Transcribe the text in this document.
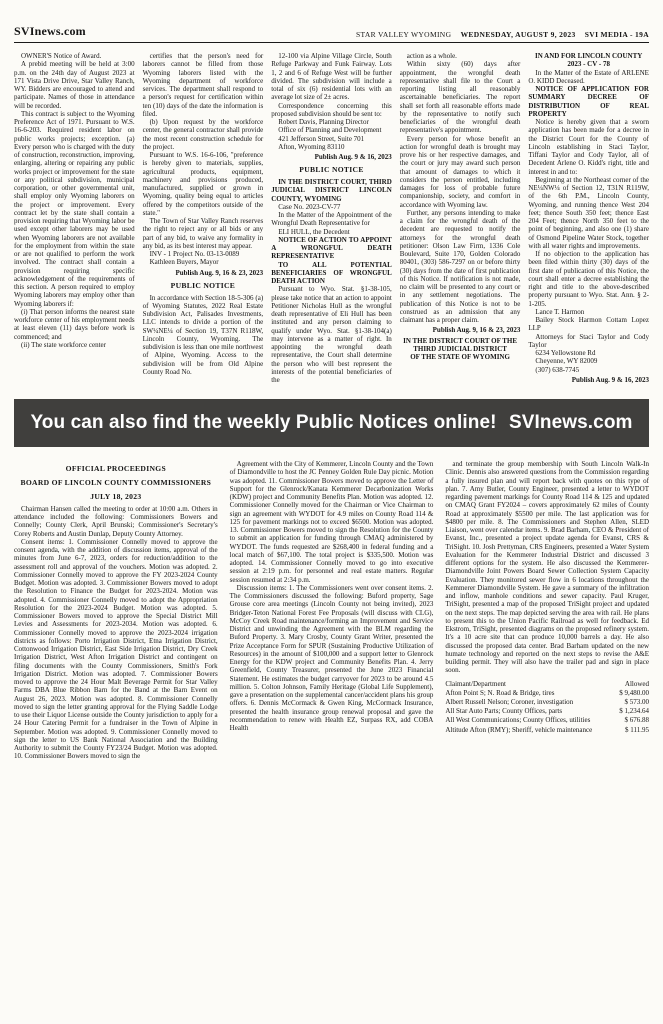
SVInews.com	STAR VALLEY WYOMING WEDNESDAY, AUGUST 9, 2023 SVI MEDIA - 19A

OWNER'S Notice of Award.

A prebid meeting will be held at 3:00 p.m. on the 24th day of August 2023 at 171 Vista Drive Drive, Star Valley Ranch, WY. Bidders are encouraged to attend and participate. Names of those in attendance will be recorded.

This contract is subject to the Wyoming Preference Act of 1971. Pursuant to W.S. 16-6-203. Required resident labor on public works projects; exception. (a) Every person who is charged with the duty of construction, reconstruction, improving, enlarging, altering or repairing any public works project or improvement for the state or any political subdivision, municipal corporation, or other governmental unit, shall employ only Wyoming laborers on the project or improvement. Every contract let by the state shall contain a provision requiring that Wyoming labor be used except other laborers may be used when Wyoming laborers are not available for the employment from within the state or are not qualified to perform the work involved. The contract shall contain a provision requiring specific acknowledgement of the requirements of this section. A person required to employ Wyoming laborers may employ other than Wyoming laborers if:

(i) That person informs the nearest state workforce center of his employment needs at least eleven (11) days before work is commenced; and

(ii) The state workforce center

certifies that the person's need for laborers cannot be filled from those Wyoming laborers listed with the Wyoming department of workforce services. The department shall respond to a person's request for certification within ten (10) days of the date the information is filed.

(b) Upon request by the workforce center, the general contractor shall provide the most recent construction schedule for the project.

Pursuant to W.S. 16-6-106, "preference is hereby given to materials, supplies, agricultural products, equipment, machinery and provisions produced, manufactured, supplied or grown in Wyoming, quality being equal to articles offered by the competitors outside of the state."

The Town of Star Valley Ranch reserves the right to reject any or all bids or any part of any bid, to waive any formality in any bid, as its best interest may appear.

INV - 1 Project No. 03-13-0089

Kathleen Buyers, Mayor

Publish Aug. 9, 16 & 23, 2023

PUBLIC NOTICE

In accordance with Section 18-5-306 (a) of Wyoming Statutes, 2022 Real Estate Subdivision Act, Palisades Investments, LLC intends to divide a portion of the SW¼NE¼ of Section 19, T37N R118W, Lincoln County, Wyoming. The subdivision is less than one mile northwest of Alpine, Wyoming. Access to the subdivision will be from Old Alpine County Road No.

12-100 via Alpine Village Circle, South Refuge Parkway and Funk Fairway. Lots 1, 2 and 6 of Refuge West will be further divided. The subdivision will include a total of six (6) residential lots with an average lot size of 2± acres.

Correspondence concerning this proposed subdivision should be sent to:

Robert Davis, Planning Director

Office of Planning and Development

421 Jefferson Street, Suite 701

Afton, Wyoming 83110

Publish Aug. 9 & 16, 2023

PUBLIC NOTICE

IN THE DISTRICT COURT, THIRD JUDICIAL DISTRICT LINCOLN COUNTY, WYOMING

Case No. 2023-CV-77

In the Matter of the Appointment of the Wrongful Death Representative for

ELI HULL, the Decedent

NOTICE OF ACTION TO APPOINT A WRONGFUL DEATH REPRESENTATIVE

TO ALL POTENTIAL BENEFICIARIES OF WRONGFUL DEATH ACTION

Pursuant to Wyo. Stat. §1-38-105, please take notice that an action to appoint Petitioner Nicholas Hull as the wrongful death representative of Eli Hull has been instituted and any person claiming to qualify under Wyo. Stat. §1-38-104(a) may intervene as a matter of right. In appointing the wrongful death representative, the Court shall determine the person who will best represent the interests of the potential beneficiaries of the

action as a whole.

Within sixty (60) days after appointment, the wrongful death representative shall file to the Court a reporting listing all reasonably ascertainable beneficiaries. The report shall set forth all reasonable efforts made by the representative to notify such beneficiaries of the wrongful death representative's appointment.

Every person for whose benefit an action for wrongful death is brought may prove his or her respective damages, and the court or jury may award such person that amount of damages to which it considers the person entitled, including damages for loss of probable future companionship, society, and comfort in accordance with Wyoming law.

Further, any persons intending to make a claim for the wrongful death of the decedent are requested to notify the attorneys for the wrongful death petitioner: Olson Law Firm, 1336 Cole Boulevard, Suite 170, Golden Colorado 80401, (303) 586-7297 on or before thirty (30) days from the date of first publication of this Notice. If notification is not made, no claim will be presented to any court or in any settlement negotiations. The publication of this Notice is not to be construed as an admission that any claimant has a proper claim.

Publish Aug. 9, 16 & 23, 2023

IN THE DISTRICT COURT OF THE THIRD JUDICIAL DISTRICT

OF THE STATE OF WYOMING

IN AND FOR LINCOLN COUNTY

2023 - CV - 78

In the Matter of the Estate of ARLENE O. KIDD Deceased.

NOTICE OF APPLICATION FOR SUMMARY DECREE OF DISTRIBUTION OF REAL PROPERTY

Notice is hereby given that a sworn application has been made for a decree in the District Court for the County of Lincoln establishing in Staci Taylor, Tiffani Taylor and Cody Taylor, all of Decedent Arlene O. Kidd's right, title and interest in and to:

Beginning at the Northeast corner of the NE¼NW¼ of Section 12, T31N R119W, of the 6th P.M., Lincoln County, Wyoming, and running thence West 204 feet; thence South 350 feet; thence East 204 Feet; thence North 350 feet to the point of beginning, and also one (1) share of Osmond Pipeline Water Stock, together with all water rights and improvements.

If no objection to the application has been filed within thirty (30) days of the first date of publication of this Notice, the court shall enter a decree establishing the right and title to the above-described property pursuant to Wyo. Stat. Ann. § 2-1-205.

Lance T. Harmon

Bailey Stock Harmon Cottam Lopez LLP

Attorneys for Staci Taylor and Cody Taylor

6234 Yellowstone Rd

Cheyenne, WY 82009

(307) 638-7745

Publish Aug. 9 & 16, 2023

You can also find the weekly Public Notices online! SVInews.com

OFFICIAL PROCEEDINGS

BOARD OF LINCOLN COUNTY COMMISSIONERS

JULY 18, 2023

Chairman Hansen called the meeting to order at 10:00 a.m. Others in attendance included the following: Commissioners Bowers and Connelly; County Clerk, April Brunski; Commissioner's Secretary's Corey Roberts and Austin Dunlap, Deputy County Attorney.

Consent items: 1. Commissioner Connelly moved to approve the consent agenda, with the addition of discussion items, approval of the minutes from June 6-7, 2023, orders for reduction/addition to the assessment roll and approval of the vouchers. Motion was adopted. 2. Commissioner Connelly moved to approve the FY 2023-2024 County Budget. Motion was adopted. 3. Commissioner Bowers moved to adopt the Resolution to Finance the Budget for 2023-2024. Motion was adopted. 4. Commissioner Connelly moved to adopt the Appropriation Resolution for the 2023-2024 Budget. Motion was adopted. 5. Commissioner Bowers moved to approve the Special District Mill Levies and Assessments for 2023-2034. Motion was adopted. 6. Commissioner Connelly moved to approve the 2023-2024 irrigation districts as follows: Porto Irrigation District, Etna Irrigation District, Cottonwood Irrigation District, East Side Irrigation District, Dry Creek Irrigation District, West Afton Irrigation District and contingent on filing documents with the County Commissioners, Smith's Fork Irrigation District. Motion was adopted. 7. Commissioner Bowers moved to approve the 24 Hour Malt Beverage Permit for Star Valley Farms DBA Blue Ribbon Barn for the Band at the Barn Event on August 26, 2023. Motion was adopted. 8. Commissioner Connelly moved to sign the letter granting approval for the Flying Saddle Lodge to use their Liquor License outside the County jurisdiction to apply for a 24 Hour Catering Permit for a fundraiser in the Town of Alpine in September. Motion was adopted. 9. Commissioner Connelly moved to sign the letter to US Bank National Association and the Building Authority to submit the County FY23/24 Budget. Motion was adopted. 10. Commissioner Bowers moved to sign the

Agreement with the City of Kemmerer, Lincoln County and the Town of Diamondville to host the JC Penney Golden Rule Day picnic. Motion was adopted. 11. Commissioner Bowers moved to approve the Letter of Support for the Glenrock/Kanata Kemmerer Decarbonization Works (KDW) project and Community Benefits Plan. Motion was adopted. 12. Commissioner Connelly moved for the Chairman or Vice Chairman to sign an agreement with WYDOT for 4.9 miles on County Road 114 & 125 for pavement markings not to exceed $6500. Motion was adopted. 13. Commissioner Bowers moved to sign the Resolution for the County to submit an application for funding through CMAQ administered by WYDOT. The funds requested are $268,400 in federal funding and a local match of $67,100. The total project is $335,500. Motion was adopted. 14. Commissioner Connelly moved to go into executive session at 2:19 p.m. for personnel and real estate matters. Regular session resumed at 2:34 p.m.

Discussion items: 1. The Commissioners went over consent items. 2. The Commissioners discussed the following: Buford property, Sage Grouse core area meetings (Lincoln County not being invited), 2023 Bridger-Teton National Forest Fee Proposals (will discuss with CLG), McCoy Creek Road maintenance/forming an Improvement and Service District and unwinding the Agreement with the BLM regarding the Buford Property. 3. Mary Crosby, County Grant Writer, presented the Prize Acceptance Form for SPUR (Sustaining Productive Utilization of Resources) in the amount of $100,000 and a support letter to Glenrock Energy for the KDW project and Community Benefits Plan. 4. Jerry Greenfield, County Treasurer, presented the June 2023 Financial Statement. He estimates the budget carryover for 2023 to be around 4.5 million. 5. Colton Johnson, Family Heritage (Global Life Supplement), gave a presentation on the supplemental cancer/accident plans his group offers. 6. Dennis McCormack & Gwen King, McCormack Insurance, presented the health insurance group renewal proposal and gave the recommendation to renew with Health EZ, Surpass RX, add COBA Health

and terminate the group membership with South Lincoln Walk-In Clinic. Dennis also answered questions from the Commission regarding a fully insured plan and will report back with quotes on this type of plan. 7. Amy Butler, County Engineer, presented a letter to WYDOT regarding pavement markings for County Road 114 & 125 and updated on CMAQ Grant FY2024 – covers approximately 62 miles of County Road at approximately $5500 per mile. The last application was for $4800 per mile. 8. The Commissioners and Stephen Allen, SLED Liaison, went over calendar items. 9. Brad Barham, CEO & President of Evanst, Inc., presented a project update agenda for Evanst, CRS & TriSight. 10. Josh Prettyman, CRS Engineers, presented a Water System Evaluation for the Kemmerer Industrial District and discussed 3 different options for the system. He also discussed the Kemmerer-Diamondville Joint Powers Board Sewer Collection System Capacity Evaluation. They monitored sewer flow in 6 locations throughout the Kemmerer Diamondville System. He gave a summary of the infiltration and inflow, manhole conditions and sewer capacity. Paul Kruger, TriSight, presented a map of the proposed TriSight project and updated on the next steps. The map depicted serving the area with rail. He plans to present this to the Union Pacific Railroad as well for feedback. Ed Ekstrom, TriSight, presented diagrams on the proposed refinery system. It's a 10 acre site that can produce 10,000 barrels a day. He also discussed the proposed data center. Brad Barham updated on the new humate technology and reported on the next steps to revise the A&E building permit. They will also have the trailer pad and sign in place soon.

Claimant/Department	Allowed
Afton Point S; N. Road & Bridge, tires	$ 9,480.00
Albert Russell Nelson; Coroner, investigation	$ 573.00
All Star Auto Parts; County Offices, parts	$ 1,234.64
All West Communications; County Offices, utilities	$ 676.88
Altitude Afton (RMY); Sheriff, vehicle maintenance	$ 111.95
